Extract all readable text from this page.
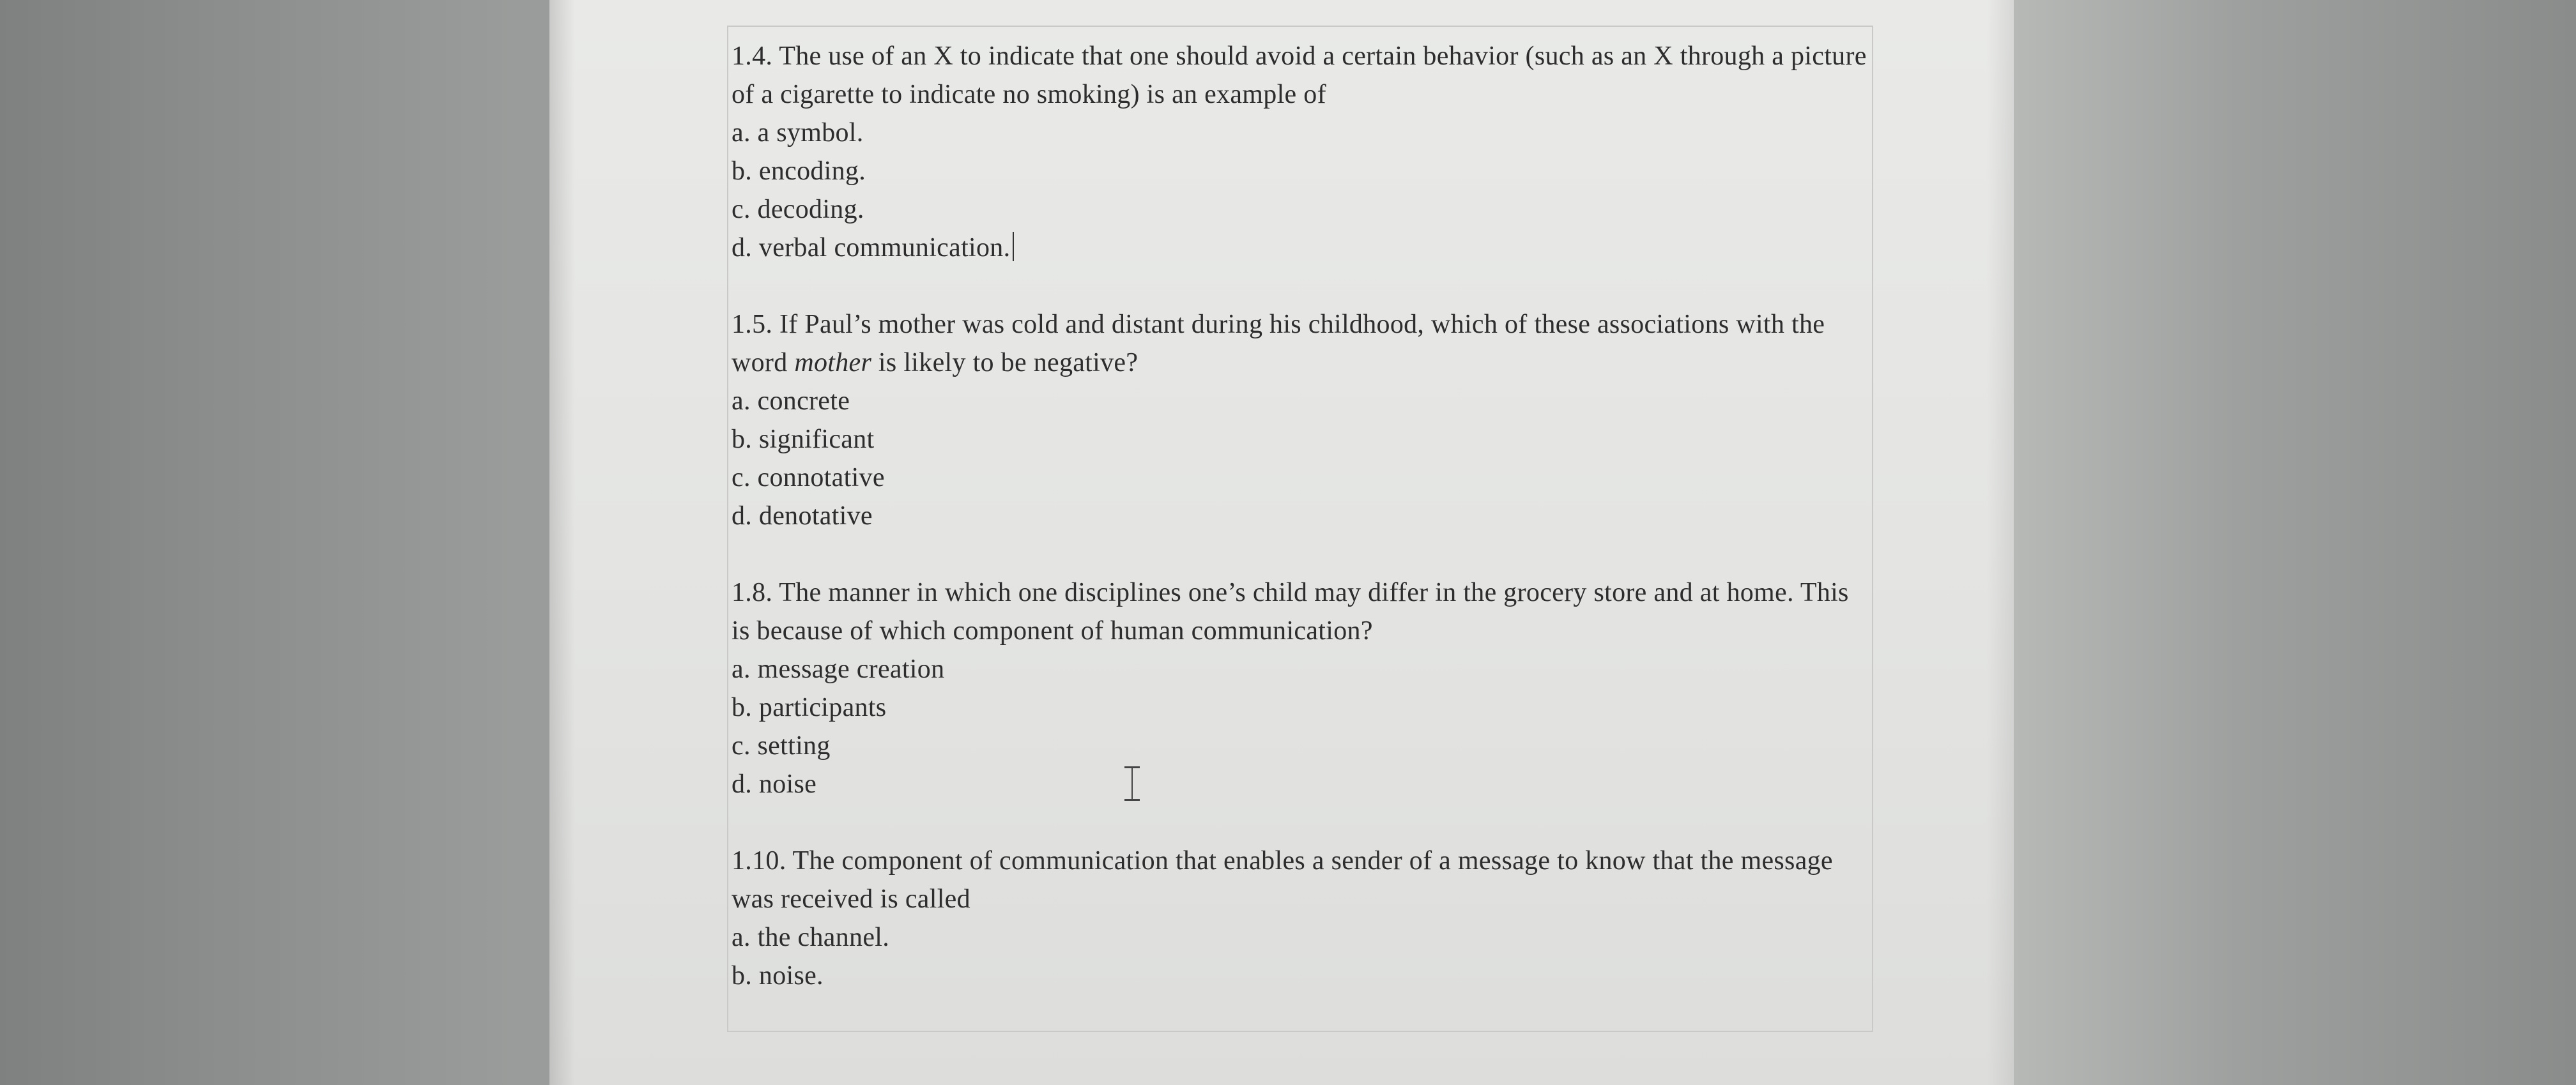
1.4. The use of an X to indicate that one should avoid a certain behavior (such as an X through a picture of a cigarette to indicate no smoking) is an example of

a. a symbol.

b. encoding.

c. decoding.

d. verbal communication.

1.5. If Paul’s mother was cold and distant during his childhood, which of these associations with the word mother is likely to be negative?

a. concrete

b. significant

c. connotative

d. denotative

1.8. The manner in which one disciplines one’s child may differ in the grocery store and at home. This is because of which component of human communication?

a. message creation

b. participants

c. setting

d. noise

1.10. The component of communication that enables a sender of a message to know that the message was received is called

a. the channel.

b. noise.
